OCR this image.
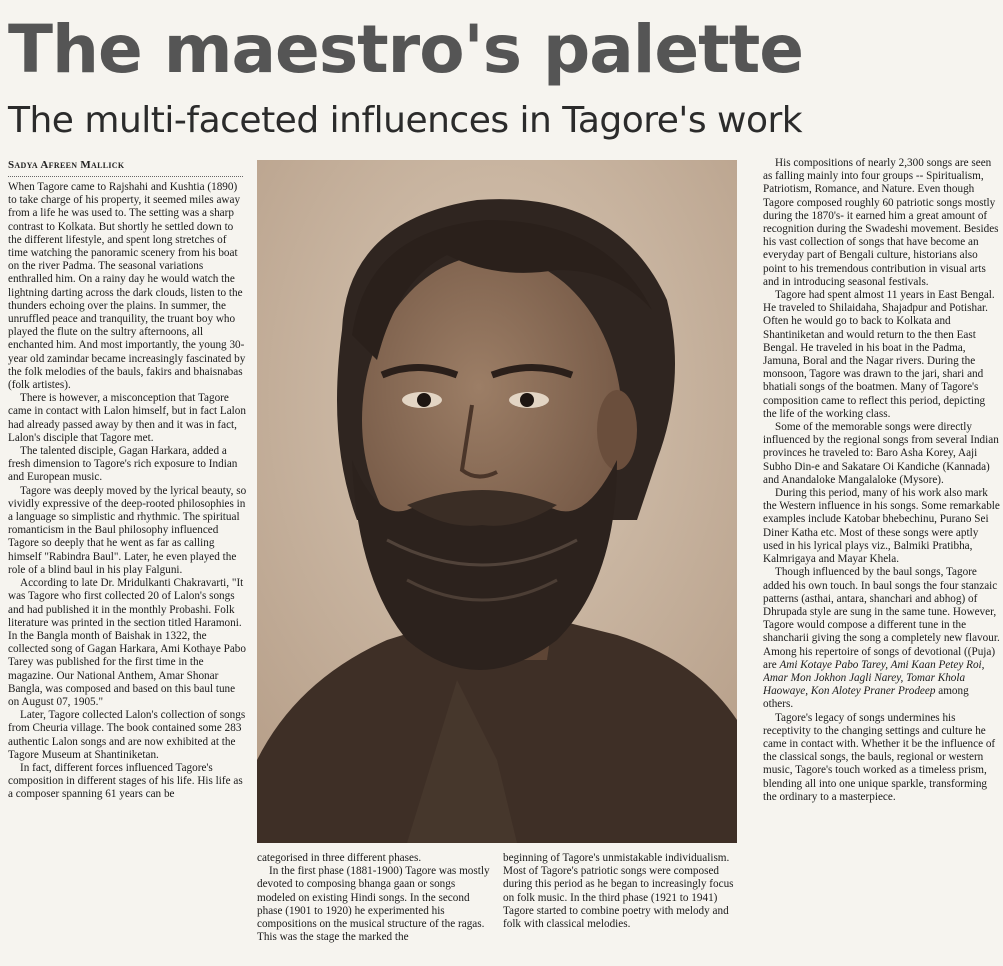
The maestro's palette
The multi-faceted influences in Tagore's work
Sadya Afreen Mallick

When Tagore came to Rajshahi and Kushtia (1890) to take charge of his property, it seemed miles away from a life he was used to. The setting was a sharp contrast to Kolkata. But shortly he settled down to the different lifestyle, and spent long stretches of time watching the panoramic scenery from his boat on the river Padma. The seasonal variations enthralled him. On a rainy day he would watch the lightning darting across the dark clouds, listen to the thunders echoing over the plains. In summer, the unruffled peace and tranquility, the truant boy who played the flute on the sultry afternoons, all enchanted him. And most importantly, the young 30-year old zamindar became increasingly fascinated by the folk melodies of the bauls, fakirs and bhaisnabas (folk artistes).

There is however, a misconception that Tagore came in contact with Lalon himself, but in fact Lalon had already passed away by then and it was in fact, Lalon's disciple that Tagore met.

The talented disciple, Gagan Harkara, added a fresh dimension to Tagore's rich exposure to Indian and European music.

Tagore was deeply moved by the lyrical beauty, so vividly expressive of the deep-rooted philosophies in a language so simplistic and rhythmic. The spiritual romanticism in the Baul philosophy influenced Tagore so deeply that he went as far as calling himself "Rabindra Baul". Later, he even played the role of a blind baul in his play Falguni.

According to late Dr. Mridulkanti Chakravarti, "It was Tagore who first collected 20 of Lalon's songs and had published it in the monthly Probashi. Folk literature was printed in the section titled Haramoni. In the Bangla month of Baishak in 1322, the collected song of Gagan Harkara, Ami Kothaye Pabo Tarey was published for the first time in the magazine. Our National Anthem, Amar Shonar Bangla, was composed and based on this baul tune on August 07, 1905."

Later, Tagore collected Lalon's collection of songs from Cheuria village. The book contained some 283 authentic Lalon songs and are now exhibited at the Tagore Museum at Shantiniketan.

In fact, different forces influenced Tagore's composition in different stages of his life. His life as a composer spanning 61 years can be

categorised in three different phases.

In the first phase (1881-1900) Tagore was mostly devoted to composing bhanga gaan or songs modeled on existing Hindi songs. In the second phase (1901 to 1920) he experimented his compositions on the musical structure of the ragas. This was the stage the marked the

beginning of Tagore's unmistakable individualism. Most of Tagore's patriotic songs were composed during this period as he began to increasingly focus on folk music. In the third phase (1921 to 1941) Tagore started to combine poetry with melody and folk with classical melodies.

His compositions of nearly 2,300 songs are seen as falling mainly into four groups -- Spiritualism, Patriotism, Romance, and Nature. Even though Tagore composed roughly 60 patriotic songs mostly during the 1870's- it earned him a great amount of recognition during the Swadeshi movement. Besides his vast collection of songs that have become an everyday part of Bengali culture, historians also point to his tremendous contribution in visual arts and in introducing seasonal festivals.

Tagore had spent almost 11 years in East Bengal. He traveled to Shilaidaha, Shajadpur and Potishar. Often he would go to back to Kolkata and Shantiniketan and would return to the then East Bengal. He traveled in his boat in the Padma, Jamuna, Boral and the Nagar rivers. During the monsoon, Tagore was drawn to the jari, shari and bhatiali songs of the boatmen. Many of Tagore's composition came to reflect this period, depicting the life of the working class.

Some of the memorable songs were directly influenced by the regional songs from several Indian provinces he traveled to: Baro Asha Korey, Aaji Subho Din-e and Sakatare Oi Kandiche (Kannada) and Anandaloke Mangalaloke (Mysore).

During this period, many of his work also mark the Western influence in his songs. Some remarkable examples include Katobar bhebechinu, Purano Sei Diner Katha etc. Most of these songs were aptly used in his lyrical plays viz., Balmiki Pratibha, Kalmrigaya and Mayar Khela.

Though influenced by the baul songs, Tagore added his own touch. In baul songs the four stanzaic patterns (asthai, antara, shanchari and abhog) of Dhrupada style are sung in the same tune. However, Tagore would compose a different tune in the shancharii giving the song a completely new flavour. Among his repertoire of songs of devotional ((Puja) are Ami Kotaye Pabo Tarey, Ami Kaan Petey Roi, Amar Mon Jokhon Jagli Narey, Tomar Khola Haowaye, Kon Alotey Praner Prodeep among others.

Tagore's legacy of songs undermines his receptivity to the changing settings and culture he came in contact with. Whether it be the influence of the classical songs, the bauls, regional or western music, Tagore's touch worked as a timeless prism, blending all into one unique sparkle, transforming the ordinary to a masterpiece.
